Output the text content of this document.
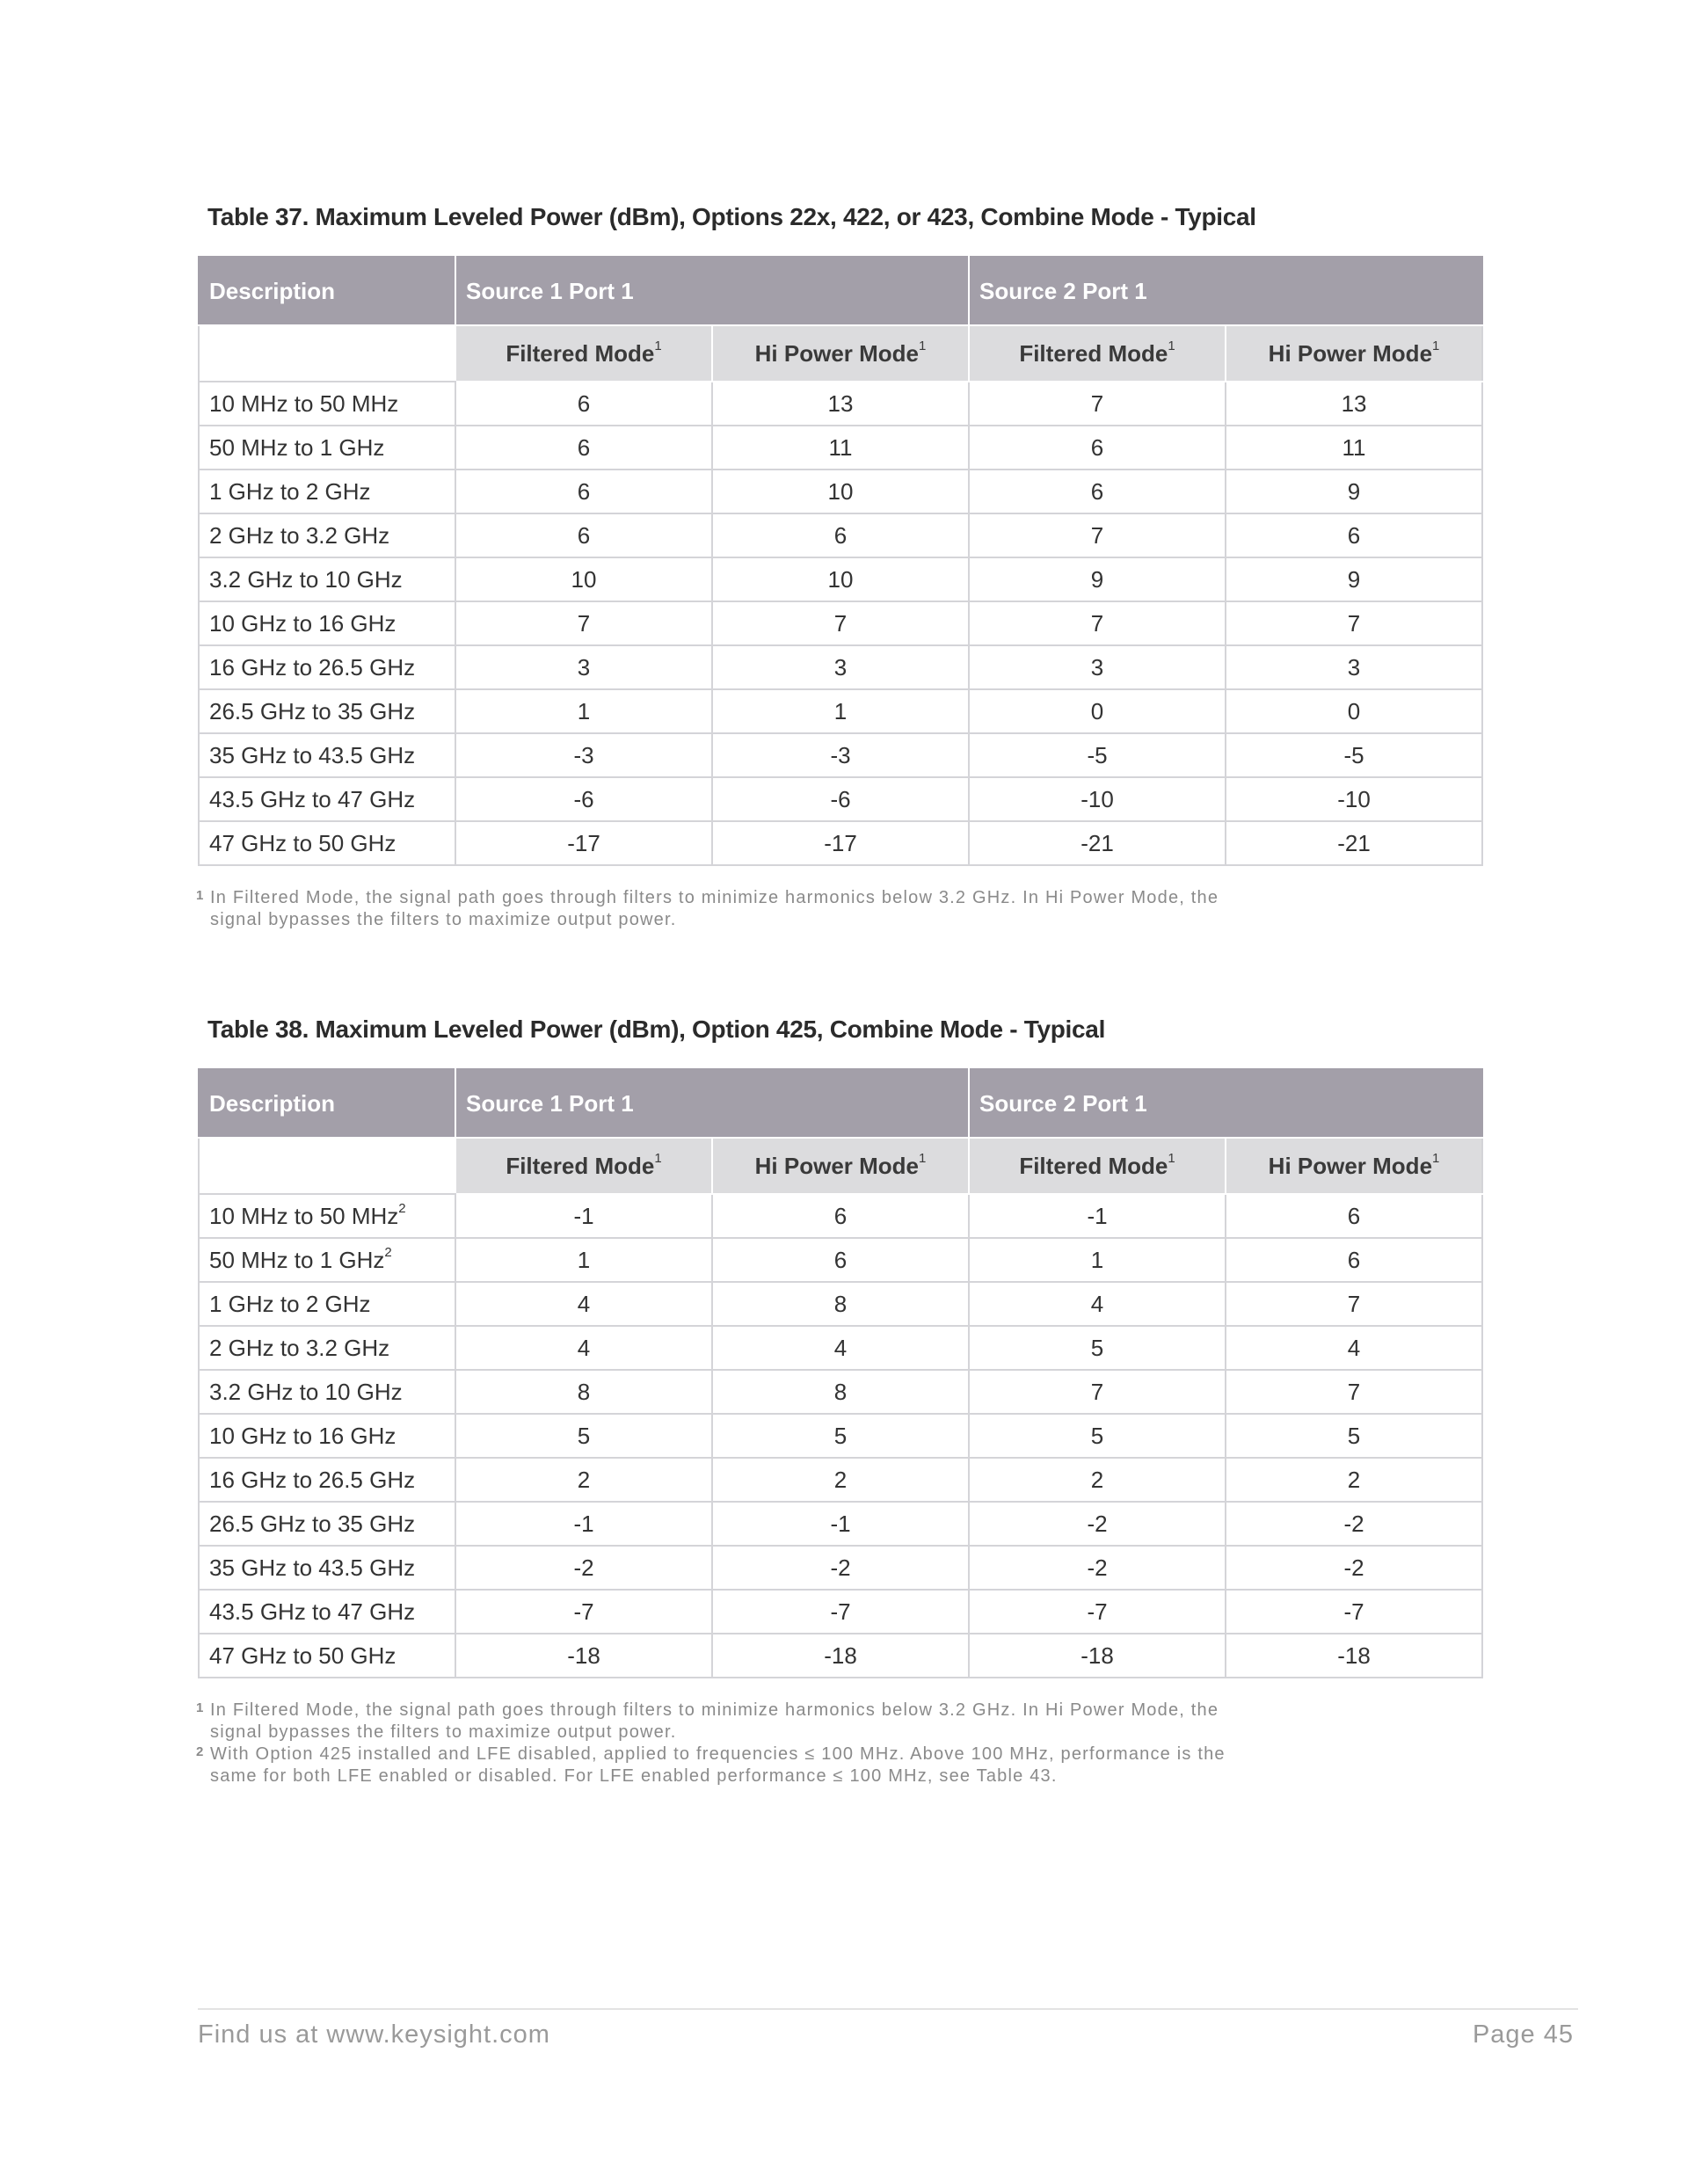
Table 37. Maximum Leveled Power (dBm), Options 22x, 422, or 423, Combine Mode - Typical
Description	Source 1 Port 1		Source 2 Port 1	
	Filtered Mode$^1$	Hi Power Mode$^1$	Filtered Mode$^1$	Hi Power Mode$^1$
10 MHz to 50 MHz	6	13	7	13
50 MHz to 1 GHz	6	11	6	11
1 GHz to 2 GHz	6	10	6	9
2 GHz to 3.2 GHz	6	6	7	6
3.2 GHz to 10 GHz	10	10	9	9
10 GHz to 16 GHz	7	7	7	7
16 GHz to 26.5 GHz	3	3	3	3
26.5 GHz to 35 GHz	1	1	0	0
35 GHz to 43.5 GHz	-3	-3	-5	-5
43.5 GHz to 47 GHz	-6	-6	-10	-10
47 GHz to 50 GHz	-17	-17	-21	-21
1 In Filtered Mode, the signal path goes through filters to minimize harmonics below 3.2 GHz. In Hi Power Mode, the
signal bypasses the filters to maximize output power.
Table 38. Maximum Leveled Power (dBm), Option 425, Combine Mode - Typical
Description	Source 1 Port 1		Source 2 Port 1	
	Filtered Mode$^1$	Hi Power Mode$^1$	Filtered Mode$^1$	Hi Power Mode$^1$
10 MHz to 50 MHz$^2$	-1	6	-1	6
50 MHz to 1 GHz$^2$	1	6	1	6
1 GHz to 2 GHz	4	8	4	7
2 GHz to 3.2 GHz	4	4	5	4
3.2 GHz to 10 GHz	8	8	7	7
10 GHz to 16 GHz	5	5	5	5
16 GHz to 26.5 GHz	2	2	2	2
26.5 GHz to 35 GHz	-1	-1	-2	-2
35 GHz to 43.5 GHz	-2	-2	-2	-2
43.5 GHz to 47 GHz	-7	-7	-7	-7
47 GHz to 50 GHz	-18	-18	-18	-18
1 In Filtered Mode, the signal path goes through filters to minimize harmonics below 3.2 GHz. In Hi Power Mode, the
signal bypasses the filters to maximize output power.
2 With Option 425 installed and LFE disabled, applied to frequencies ≤ 100 MHz. Above 100 MHz, performance is the
same for both LFE enabled or disabled. For LFE enabled performance ≤ 100 MHz, see Table 43.
Find us at www.keysight.com	Page 45
